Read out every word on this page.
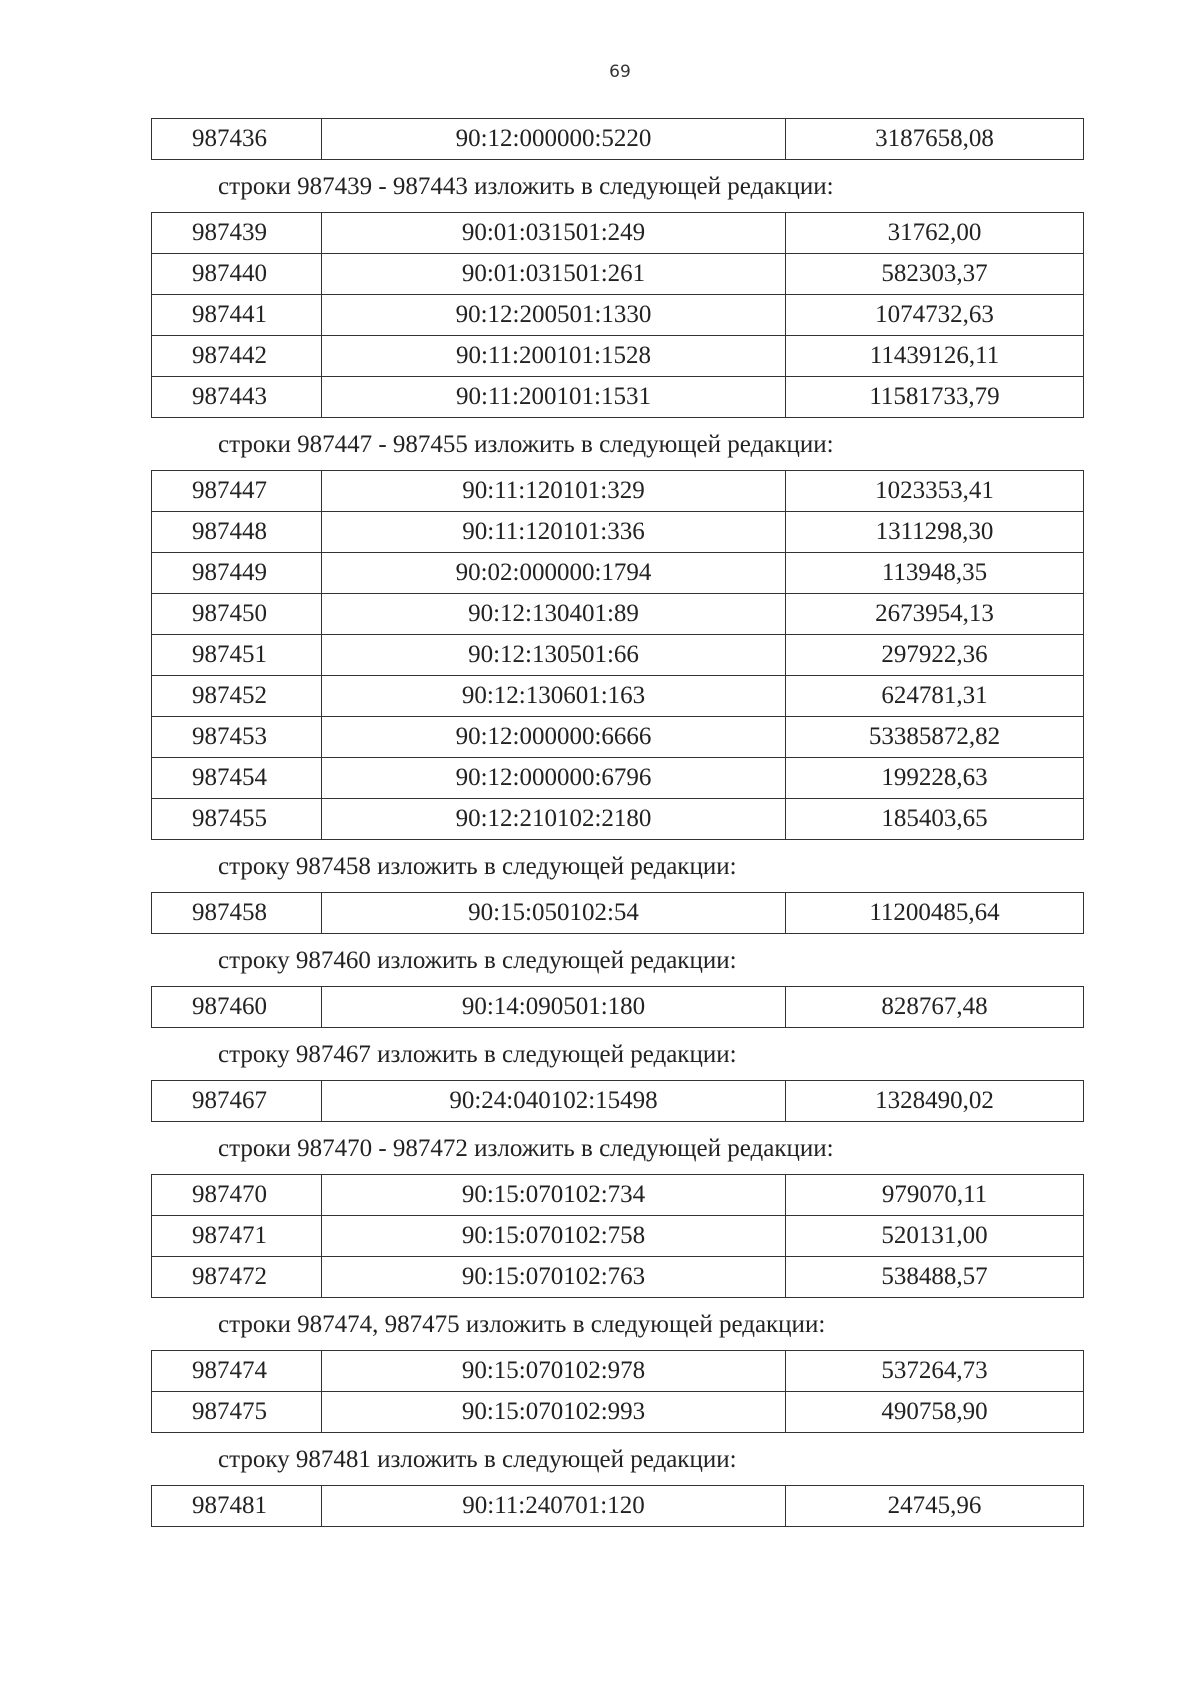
69
987436	90:12:000000:5220	3187658,08
строки 987439 - 987443 изложить в следующей редакции:
987439	90:01:031501:249	31762,00
987440	90:01:031501:261	582303,37
987441	90:12:200501:1330	1074732,63
987442	90:11:200101:1528	11439126,11
987443	90:11:200101:1531	11581733,79
строки 987447 - 987455 изложить в следующей редакции:
987447	90:11:120101:329	1023353,41
987448	90:11:120101:336	1311298,30
987449	90:02:000000:1794	113948,35
987450	90:12:130401:89	2673954,13
987451	90:12:130501:66	297922,36
987452	90:12:130601:163	624781,31
987453	90:12:000000:6666	53385872,82
987454	90:12:000000:6796	199228,63
987455	90:12:210102:2180	185403,65
строку 987458 изложить в следующей редакции:
987458	90:15:050102:54	11200485,64
строку 987460 изложить в следующей редакции:
987460	90:14:090501:180	828767,48
строку 987467 изложить в следующей редакции:
987467	90:24:040102:15498	1328490,02
строки 987470 - 987472 изложить в следующей редакции:
987470	90:15:070102:734	979070,11
987471	90:15:070102:758	520131,00
987472	90:15:070102:763	538488,57
строки 987474, 987475 изложить в следующей редакции:
987474	90:15:070102:978	537264,73
987475	90:15:070102:993	490758,90
строку 987481 изложить в следующей редакции:
987481	90:11:240701:120	24745,96
